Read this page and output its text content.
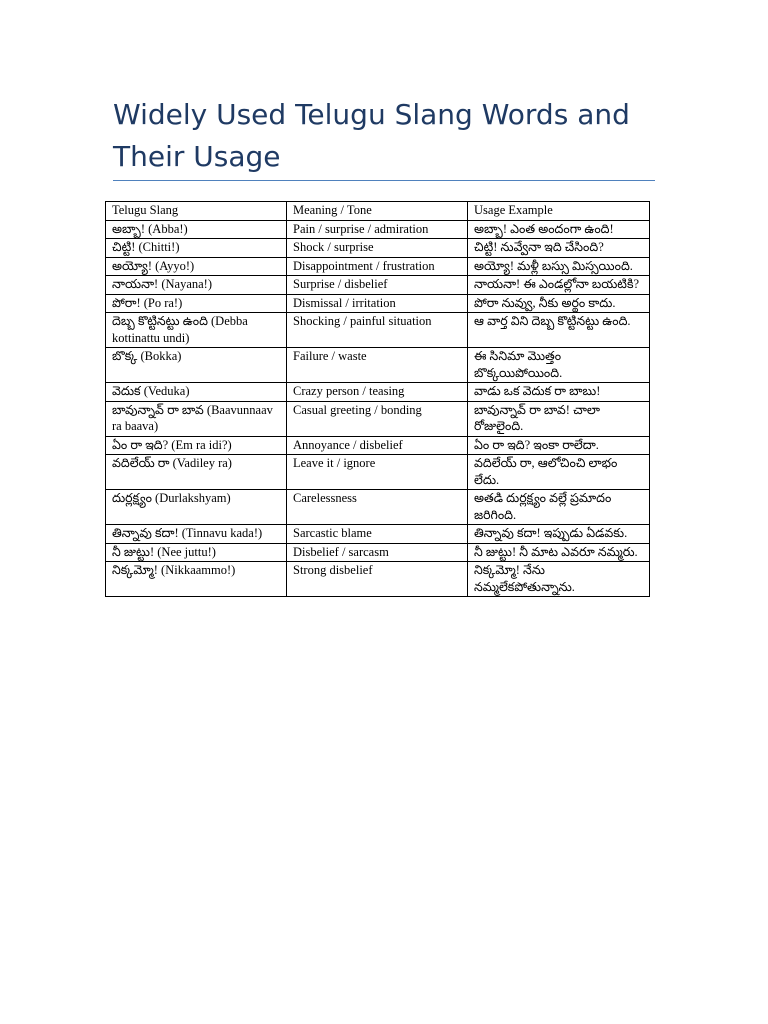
Widely Used Telugu Slang Words and Their Usage
Telugu Slang	Meaning / Tone	Usage Example
అబ్బా! (Abba!)	Pain / surprise / admiration	అబ్బా! ఎంత అందంగా ఉంది!
చిట్టి! (Chitti!)	Shock / surprise	చిట్టి! నువ్వేనా ఇది చేసింది?
అయ్యో! (Ayyo!)	Disappointment / frustration	అయ్యో! మళ్లీ బస్సు మిస్సయింది.
నాయనా! (Nayana!)	Surprise / disbelief	నాయనా! ఈ ఎండల్లోనా బయటికి?
పోరా! (Po ra!)	Dismissal / irritation	పోరా నువ్వు, నీకు అర్థం కాదు.
దెబ్బ కొట్టినట్టు ఉంది (Debba kottinattu undi)	Shocking / painful situation	ఆ వార్త విని దెబ్బ కొట్టినట్టు ఉంది.
బొక్క (Bokka)	Failure / waste	ఈ సినిమా మొత్తం బొక్కయిపోయింది.
వెదుక (Veduka)	Crazy person / teasing	వాడు ఒక వెదుక రా బాబు!
బావున్నావ్ రా బావ (Baavunnaav ra baava)	Casual greeting / bonding	బావున్నావ్ రా బావ! చాలా రోజులైంది.
ఏం రా ఇది? (Em ra idi?)	Annoyance / disbelief	ఏం రా ఇది? ఇంకా రాలేదా.
వదిలేయ్ రా (Vadiley ra)	Leave it / ignore	వదిలేయ్ రా, ఆలోచించి లాభం లేదు.
దుర్లక్ష్యం (Durlakshyam)	Carelessness	అతడి దుర్లక్ష్యం వల్లే ప్రమాదం జరిగింది.
తిన్నావు కదా! (Tinnavu kada!)	Sarcastic blame	తిన్నావు కదా! ఇప్పుడు ఏడవకు.
నీ జుట్టు! (Nee juttu!)	Disbelief / sarcasm	నీ జుట్టు! నీ మాట ఎవరూ నమ్మరు.
నిక్కమ్మో! (Nikkaammo!)	Strong disbelief	నిక్కమ్మో! నేను నమ్మలేకపోతున్నాను.
